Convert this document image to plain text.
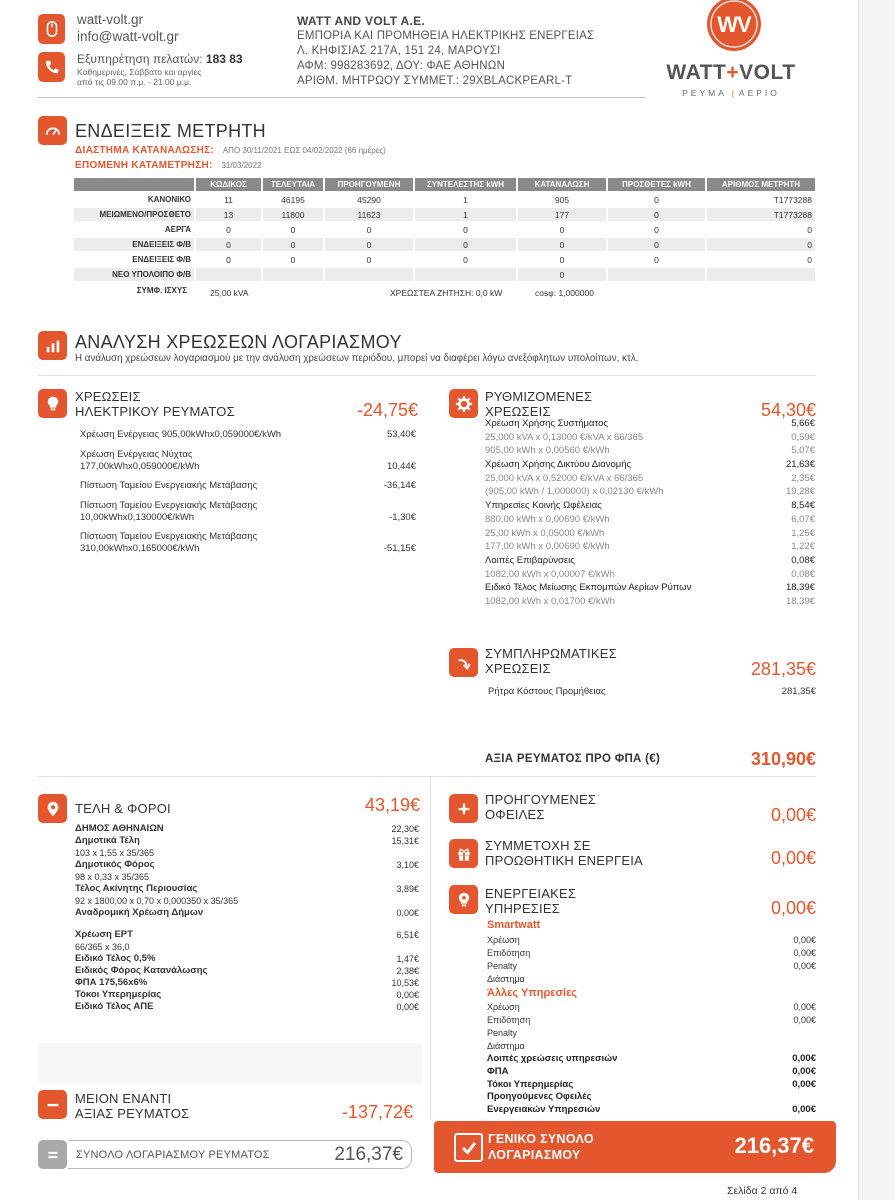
watt-volt.gr
info@watt-volt.gr
Εξυπηρέτηση πελατών: 183 83
Καθημερινές, Σάββατο και αργίες
από τις 09.00 π.μ. - 21.00 μ.μ.
WATT AND VOLT A.E.
ΕΜΠΟΡΙΑ ΚΑΙ ΠΡΟΜΗΘΕΙΑ ΗΛΕΚΤΡΙΚΗΣ ΕΝΕΡΓΕΙΑΣ
Λ. ΚΗΦΙΣΙΑΣ 217Α, 151 24, ΜΑΡΟΥΣΙ
ΑΦΜ: 998283692, ΔΟΥ: ΦΑΕ ΑΘΗΝΩΝ
ΑΡΙΘΜ. ΜΗΤΡΩΟΥ ΣΥΜΜΕΤ.: 29XBLACKPEARL-T
WV
WATT+VOLT
ΡΕΥΜΑ | ΑΕΡΙΟ
ΕΝΔΕΙΞΕΙΣ ΜΕΤΡΗΤΗ
ΔΙΑΣΤΗΜΑ ΚΑΤΑΝΑΛΩΣΗΣ: ΑΠΟ 30/11/2021 ΕΩΣ 04/02/2022 (66 ημέρες)
ΕΠΟΜΕΝΗ ΚΑΤΑΜΕΤΡΗΣΗ: 31/03/2022
	ΚΩΔΙΚΟΣ	ΤΕΛΕΥΤΑΙΑ	ΠΡΟΗΓΟΥΜΕΝΗ	ΣΥΝΤΕΛΕΣΤΗΣ kWH	ΚΑΤΑΝΑΛΩΣΗ	ΠΡΟΣΘΕΤΕΣ kWH	ΑΡΙΘΜΟΣ ΜΕΤΡΗΤΗ
ΚΑΝΟΝΙΚΟ	11	46195	45290	1	905	0	T1773288
ΜΕΙΩΜΕΝΟ/ΠΡΟΣΘΕΤΟ	13	11800	11623	1	177	0	T1773288
ΑΕΡΓΑ	0	0	0	0	0	0	0
ΕΝΔΕΙΞΕΙΣ Φ/Β	0	0	0	0	0	0	0
ΕΝΔΕΙΞΕΙΣ Φ/Β	0	0	0	0	0	0	0
ΝΕΟ ΥΠΟΛΟΙΠΟ Φ/Β					0		
ΣΥΜΦ. ΙΣΧΥΣ	25,00 kVA	ΧΡΕΩΣΤΕΑ ΖΗΤΗΣΗ: 0,0 kW	cosφ: 1,000000
ΑΝΑΛΥΣΗ ΧΡΕΩΣΕΩΝ ΛΟΓΑΡΙΑΣΜΟΥ
Η ανάλυση χρεώσεων λογαριασμού με την ανάλυση χρεώσεων περιόδου, μπορεί να διαφέρει λόγω ανεξόφλητων υπολοίπων, κτλ.
ΧΡΕΩΣΕΙΣ
ΗΛΕΚΤΡΙΚΟΥ ΡΕΥΜΑΤΟΣ	-24,75€
Χρέωση Ενέργειας 905,00kWhx0,059000€/kWh	53,40€
Χρέωση Ενέργειας Νύχτας
177,00kWhx0,059000€/kWh	10,44€
Πίστωση Ταμείου Ενεργειακής Μετάβασης	-36,14€
Πίστωση Ταμείου Ενεργειακής Μετάβασης
10,00kWhx0,130000€/kWh	-1,30€
Πίστωση Ταμείου Ενεργειακής Μετάβασης
310,00kWhx0,165000€/kWh	-51,15€
ΡΥΘΜΙΖΟΜΕΝΕΣ
ΧΡΕΩΣΕΙΣ	54,30€
Χρέωση Χρήσης Συστήματος	5,66€
25,000 kVA x 0,13000 €/kVA x 66/365	0,59€
905,00 kWh x 0,00560 €/kWh	5,07€
Χρέωση Χρήσης Δικτύου Διανομής	21,63€
25,000 kVA x 0,52000 €/kVA x 66/365	2,35€
(905,00 kWh / 1,000000) x 0,02130 €/kWh	19,28€
Υπηρεσίες Κοινής Ωφέλειας	8,54€
880,00 kWh x 0,00690 €/kWh	6,07€
25,00 kWh x 0,05000 €/kWh	1,25€
177,00 kWh x 0,00690 €/kWh	1,22€
Λοιπές Επιβαρύνσεις	0,08€
1082,00 kWh x 0,00007 €/kWh	0,08€
Ειδικό Τέλος Μείωσης Εκπομπών Αερίων Ρύπων	18,39€
1082,00 kWh x 0,01700 €/kWh	18,39€
ΣΥΜΠΛΗΡΩΜΑΤΙΚΕΣ
ΧΡΕΩΣΕΙΣ	281,35€
Ρήτρα Κόστους Προμήθειας	281,35€
ΑΞΙΑ ΡΕΥΜΑΤΟΣ ΠΡΟ ΦΠΑ (€)	310,90€
ΤΕΛΗ & ΦΟΡΟΙ	43,19€
ΔΗΜΟΣ ΑΘΗΝΑΙΩΝ	22,30€
Δημοτικά Τέλη	15,31€
103 x 1,55 x 35/365
Δημοτικός Φόρος	3,10€
98 x 0,33 x 35/365
Τέλος Ακίνητης Περιουσίας	3,89€
92 x 1800,00 x 0,70 x 0,000350 x 35/365
Αναδρομική Χρέωση Δήμων	0,00€
Χρέωση ΕΡΤ	6,51€
66/365 x 36,0
Ειδικό Τέλος 0,5%	1,47€
Ειδικός Φόρος Κατανάλωσης	2,38€
ΦΠΑ 175,56x6%	10,53€
Τόκοι Υπερημερίας	0,00€
Ειδικό Τέλος ΑΠΕ	0,00€
ΜΕΙΟΝ ΕΝΑΝΤΙ
ΑΞΙΑΣ ΡΕΥΜΑΤΟΣ	-137,72€
ΣΥΝΟΛΟ ΛΟΓΑΡΙΑΣΜΟΥ ΡΕΥΜΑΤΟΣ	216,37€
ΠΡΟΗΓΟΥΜΕΝΕΣ
ΟΦΕΙΛΕΣ	0,00€
ΣΥΜΜΕΤΟΧΗ ΣΕ
ΠΡΟΩΘΗΤΙΚΗ ΕΝΕΡΓΕΙΑ	0,00€
ΕΝΕΡΓΕΙΑΚΕΣ
ΥΠΗΡΕΣΙΕΣ	0,00€
Smartwatt
Χρέωση	0,00€
Επιδότηση	0,00€
Penalty	0,00€
Διάστημα
Άλλες Υπηρεσίες
Χρέωση	0,00€
Επιδότηση	0,00€
Penalty
Διάστημα
Λοιπές χρεώσεις υπηρεσιών	0,00€
ΦΠΑ	0,00€
Τόκοι Υπερημερίας	0,00€
Προηγούμενες Οφειλές
Ενεργειακών Υπηρεσιών	0,00€
ΓΕΝΙΚΟ ΣΥΝΟΛΟ
ΛΟΓΑΡΙΑΣΜΟΥ	216,37€
Σελίδα 2 από 4
